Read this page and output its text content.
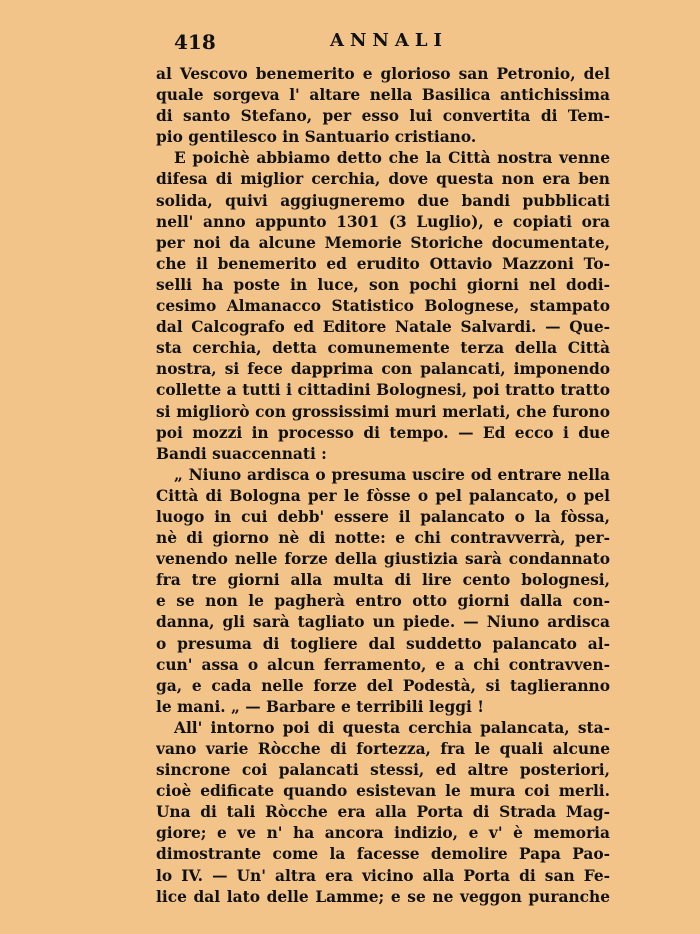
418	ANNALI
al Vescovo benemerito e glorioso san Petronio, del
quale sorgeva l' altare nella Basilica antichissima
di santo Stefano, per esso lui convertita di Tem-
pio gentilesco in Santuario cristiano.
E poichè abbiamo detto che la Città nostra venne
difesa di miglior cerchia, dove questa non era ben
solida, quivi aggiugneremo due bandi pubblicati
nell' anno appunto 1301 (3 Luglio), e copiati ora
per noi da alcune Memorie Storiche documentate,
che il benemerito ed erudito Ottavio Mazzoni To-
selli ha poste in luce, son pochi giorni nel dodi-
cesimo Almanacco Statistico Bolognese, stampato
dal Calcografo ed Editore Natale Salvardi. — Que-
sta cerchia, detta comunemente terza della Città
nostra, si fece dapprima con palancati, imponendo
collette a tutti i cittadini Bolognesi, poi tratto tratto
si migliorò con grossissimi muri merlati, che furono
poi mozzi in processo di tempo. — Ed ecco i due
Bandi suaccennati :
„ Niuno ardisca o presuma uscire od entrare nella
Città di Bologna per le fòsse o pel palancato, o pel
luogo in cui debb' essere il palancato o la fòssa,
nè di giorno nè di notte: e chi contravverrà, per-
venendo nelle forze della giustizia sarà condannato
fra tre giorni alla multa di lire cento bolognesi,
e se non le pagherà entro otto giorni dalla con-
danna, gli sarà tagliato un piede. — Niuno ardisca
o presuma di togliere dal suddetto palancato al-
cun' assa o alcun ferramento, e a chi contravven-
ga, e cada nelle forze del Podestà, si taglieranno
le mani. „ — Barbare e terribili leggi !
All' intorno poi di questa cerchia palancata, sta-
vano varie Ròcche di fortezza, fra le quali alcune
sincrone coi palancati stessi, ed altre posteriori,
cioè edificate quando esistevan le mura coi merli.
Una di tali Ròcche era alla Porta di Strada Mag-
giore; e ve n' ha ancora indizio, e v' è memoria
dimostrante come la facesse demolire Papa Pao-
lo IV. — Un' altra era vicino alla Porta di san Fe-
lice dal lato delle Lamme; e se ne veggon puranche
